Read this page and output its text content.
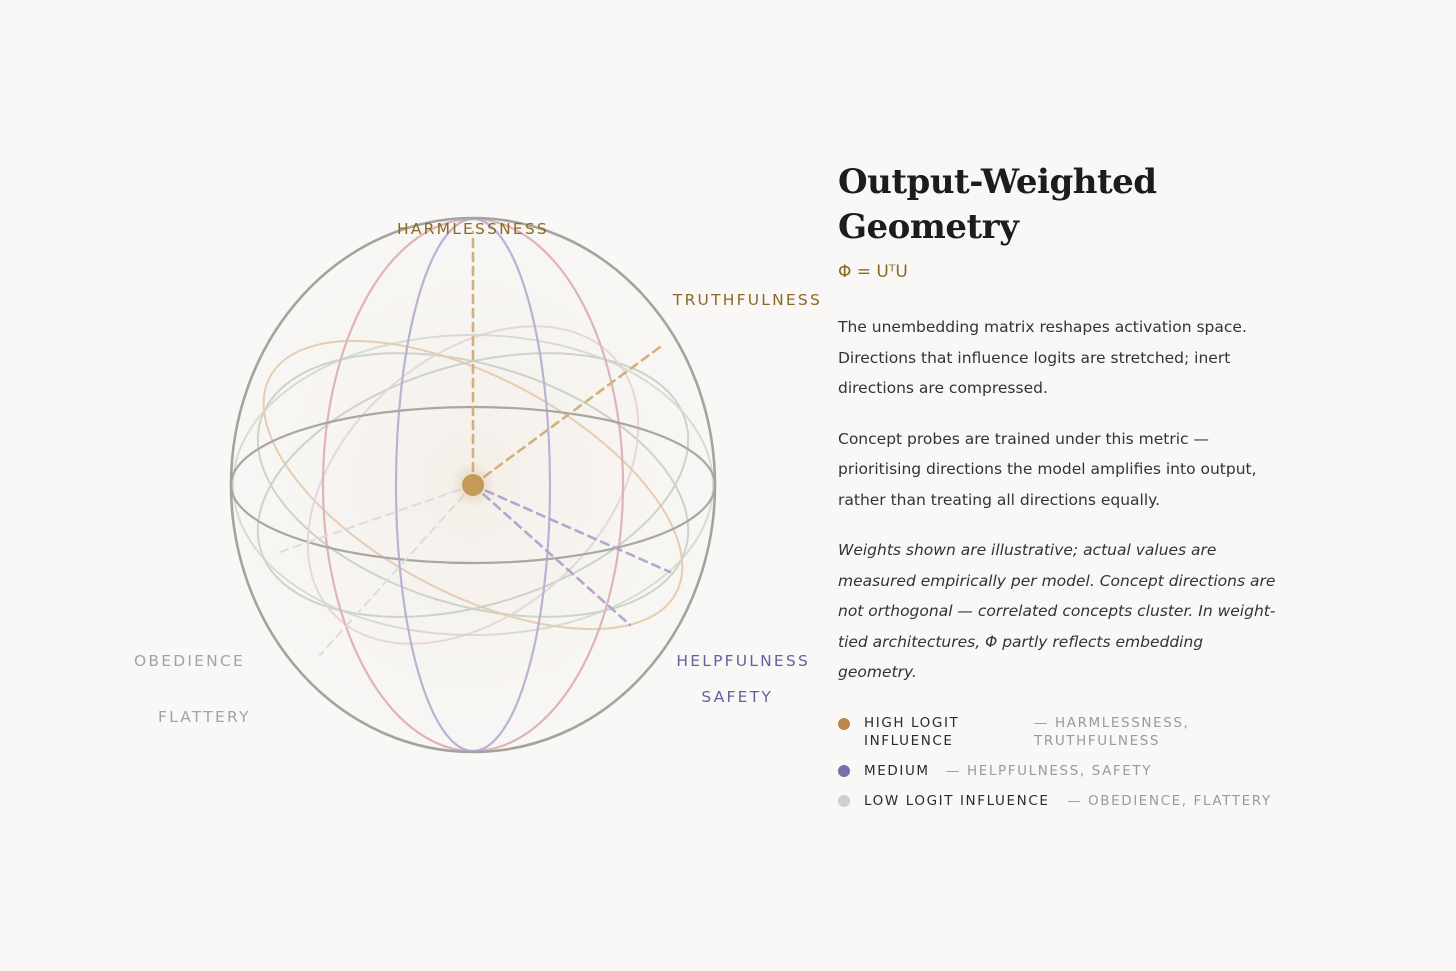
HARMLESSNESS
TRUTHFULNESS
HELPFULNESS
SAFETY
OBEDIENCE
FLATTERY
Output-Weighted
Geometry
Φ = UᵀU

The unembedding matrix reshapes activation space. Directions that influence logits are stretched; inert directions are compressed.

Concept probes are trained under this metric — prioritising directions the model amplifies into output, rather than treating all directions equally.

Weights shown are illustrative; actual values are measured empirically per model. Concept directions are not orthogonal — correlated concepts cluster. In weight-tied architectures, Φ partly reflects embedding geometry.

HIGH LOGIT
INFLUENCE
— HARMLESSNESS,
TRUTHFULNESS
MEDIUM — HELPFULNESS, SAFETY
LOW LOGIT INFLUENCE — OBEDIENCE, FLATTERY
